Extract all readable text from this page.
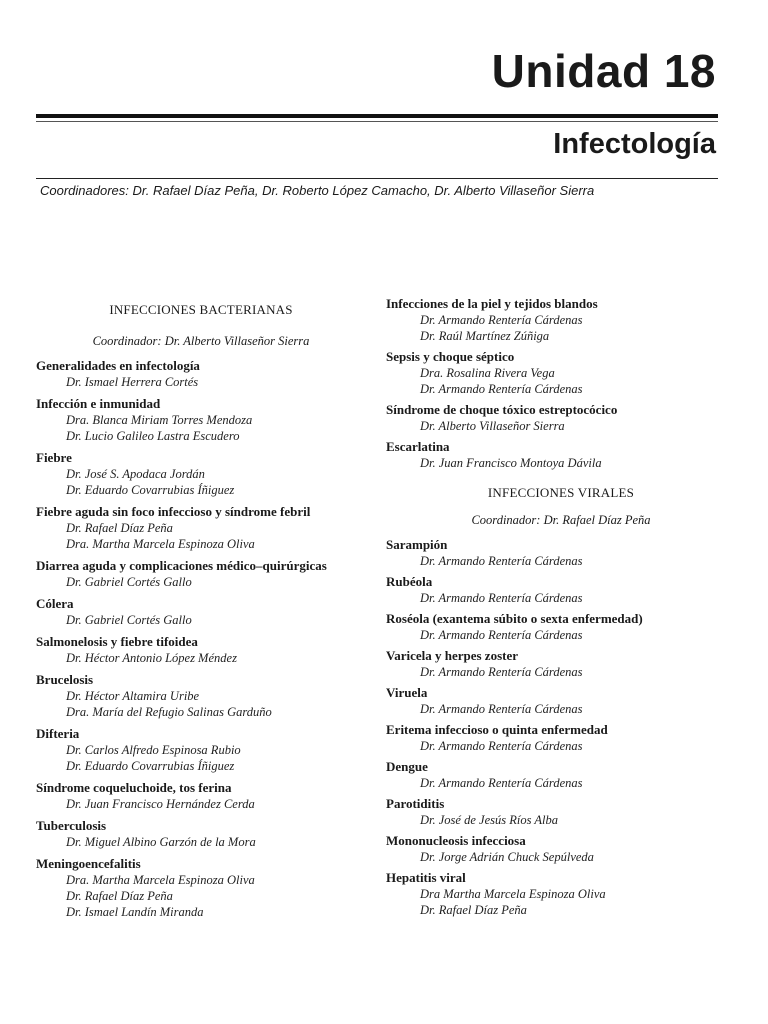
Unidad 18
Infectología
Coordinadores: Dr. Rafael Díaz Peña, Dr. Roberto López Camacho, Dr. Alberto Villaseñor Sierra
INFECCIONES BACTERIANAS
Coordinador: Dr. Alberto Villaseñor Sierra
Generalidades en infectología
Dr. Ismael Herrera Cortés
Infección e inmunidad
Dra. Blanca Miriam Torres Mendoza
Dr. Lucio Galileo Lastra Escudero
Fiebre
Dr. José S. Apodaca Jordán
Dr. Eduardo Covarrubias Íñiguez
Fiebre aguda sin foco infeccioso y síndrome febril
Dr. Rafael Díaz Peña
Dra. Martha Marcela Espinoza Oliva
Diarrea aguda y complicaciones médico–quirúrgicas
Dr. Gabriel Cortés Gallo
Cólera
Dr. Gabriel Cortés Gallo
Salmonelosis y fiebre tifoidea
Dr. Héctor Antonio López Méndez
Brucelosis
Dr. Héctor Altamira Uribe
Dra. María del Refugio Salinas Garduño
Difteria
Dr. Carlos Alfredo Espinosa Rubio
Dr. Eduardo Covarrubias Íñiguez
Síndrome coqueluchoide, tos ferina
Dr. Juan Francisco Hernández Cerda
Tuberculosis
Dr. Miguel Albino Garzón de la Mora
Meningoencefalitis
Dra. Martha Marcela Espinoza Oliva
Dr. Rafael Díaz Peña
Dr. Ismael Landín Miranda
Infecciones de la piel y tejidos blandos
Dr. Armando Rentería Cárdenas
Dr. Raúl Martínez Zúñiga
Sepsis y choque séptico
Dra. Rosalina Rivera Vega
Dr. Armando Rentería Cárdenas
Síndrome de choque tóxico estreptocócico
Dr. Alberto Villaseñor Sierra
Escarlatina
Dr. Juan Francisco Montoya Dávila
INFECCIONES VIRALES
Coordinador: Dr. Rafael Díaz Peña
Sarampión
Dr. Armando Rentería Cárdenas
Rubéola
Dr. Armando Rentería Cárdenas
Roséola (exantema súbito o sexta enfermedad)
Dr. Armando Rentería Cárdenas
Varicela y herpes zoster
Dr. Armando Rentería Cárdenas
Viruela
Dr. Armando Rentería Cárdenas
Eritema infeccioso o quinta enfermedad
Dr. Armando Rentería Cárdenas
Dengue
Dr. Armando Rentería Cárdenas
Parotiditis
Dr. José de Jesús Ríos Alba
Mononucleosis infecciosa
Dr. Jorge Adrián Chuck Sepúlveda
Hepatitis viral
Dra Martha Marcela Espinoza Oliva
Dr. Rafael Díaz Peña
